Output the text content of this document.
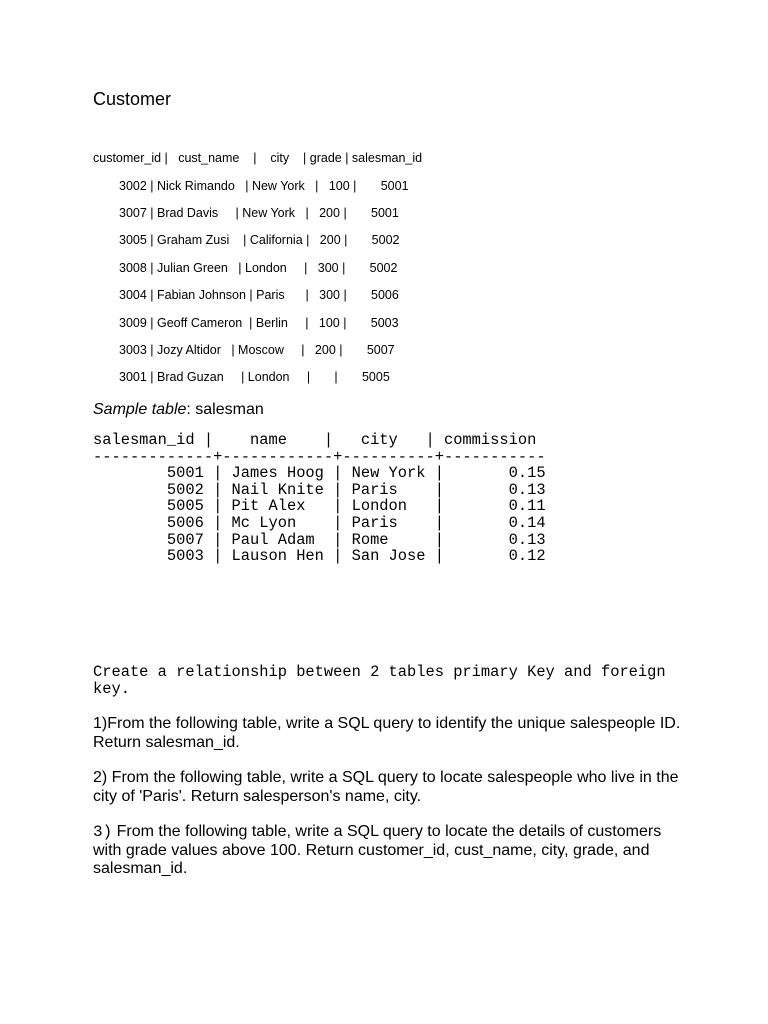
Customer
customer_id |   cust_name    |    city    | grade | salesman_id
3002 | Nick Rimando   | New York   |   100 |       5001
3007 | Brad Davis     | New York   |   200 |       5001
3005 | Graham Zusi    | California |   200 |       5002
3008 | Julian Green   | London     |   300 |       5002
3004 | Fabian Johnson | Paris      |   300 |       5006
3009 | Geoff Cameron  | Berlin     |   100 |       5003
3003 | Jozy Altidor   | Moscow     |   200 |       5007
3001 | Brad Guzan     | London     |       |       5005
Sample table: salesman
salesman_id |    name    |   city   | commission
-------------+------------+----------+-----------
5001 | James Hoog | New York |       0.15
5002 | Nail Knite | Paris    |       0.13
5005 | Pit Alex   | London   |       0.11
5006 | Mc Lyon    | Paris    |       0.14
5007 | Paul Adam  | Rome     |       0.13
5003 | Lauson Hen | San Jose |       0.12
Create a relationship between 2 tables primary Key and foreign
key.
1)From the following table, write a SQL query to identify the unique salespeople ID. Return salesman_id.
2) From the following table, write a SQL query to locate salespeople who live in the city of 'Paris'. Return salesperson's name, city.
3) From the following table, write a SQL query to locate the details of customers with grade values above 100. Return customer_id, cust_name, city, grade, and salesman_id.
